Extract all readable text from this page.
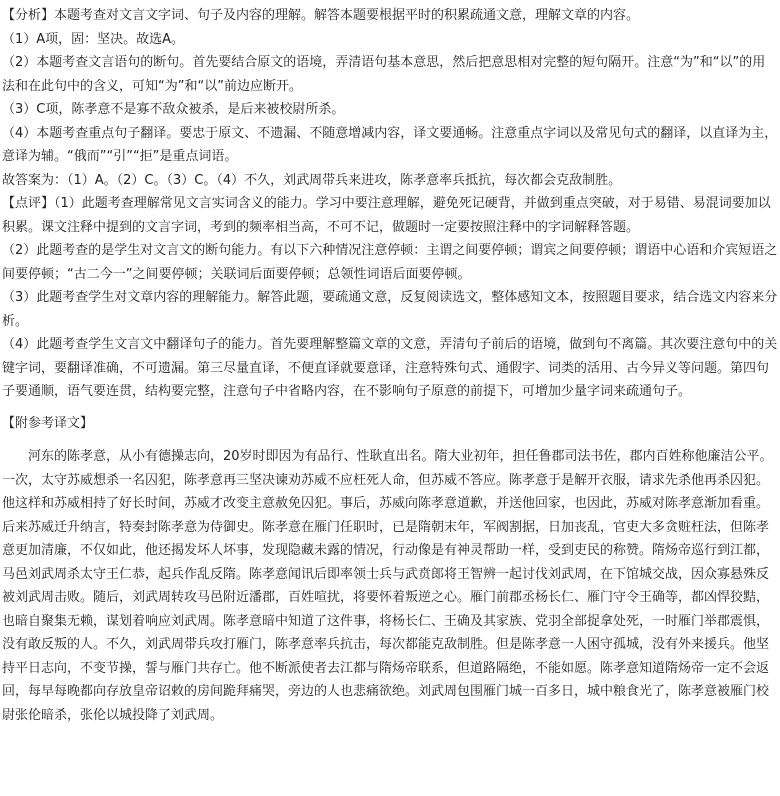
【分析】本题考查对文言文字词、句子及内容的理解。解答本题要根据平时的积累疏通文意，理解文章的内容。

（1）A项，固：坚决。故选A。

（2）本题考查文言语句的断句。首先要结合原文的语境，弄清语句基本意思，然后把意思相对完整的短句隔开。注意“为”和“以”的用法和在此句中的含义，可知“为”和“以”前边应断开。

（3）C项，陈孝意不是寡不敌众被杀，是后来被校尉所杀。

（4）本题考查重点句子翻译。要忠于原文、不遗漏、不随意增减内容，译文要通畅。注意重点字词以及常见句式的翻译，以直译为主，意译为辅。“俄而”“引”“拒”是重点词语。

故答案为：（1）A。（2）C。（3）C。（4）不久，刘武周带兵来进攻，陈孝意率兵抵抗，每次都会克敌制胜。

【点评】（1）此题考查理解常见文言实词含义的能力。学习中要注意理解，避免死记硬背，并做到重点突破，对于易错、易混词要加以积累。课文注释中提到的文言字词，考到的频率相当高，不可不记，做题时一定要按照注释中的字词解释答题。

（2）此题考查的是学生对文言文的断句能力。有以下六种情况注意停顿：主谓之间要停顿；谓宾之间要停顿；谓语中心语和介宾短语之间要停顿；“古二今一”之间要停顿；关联词后面要停顿；总领性词语后面要停顿。

（3）此题考查学生对文章内容的理解能力。解答此题，要疏通文意，反复阅读选文，整体感知文本，按照题目要求，结合选文内容来分析。

（4）此题考查学生文言文中翻译句子的能力。首先要理解整篇文章的文意，弄清句子前后的语境，做到句不离篇。其次要注意句中的关键字词，要翻译准确，不可遗漏。第三尽量直译，不便直译就要意译，注意特殊句式、通假字、词类的活用、古今异义等问题。第四句子要通顺，语气要连贯，结构要完整，注意句子中省略内容，在不影响句子原意的前提下，可增加少量字词来疏通句子。

【附参考译文】

河东的陈孝意，从小有德操志向，20岁时即因为有品行、性耿直出名。隋大业初年，担任鲁郡司法书佐，郡内百姓称他廉洁公平。一次，太守苏威想杀一名囚犯，陈孝意再三坚决谏劝苏威不应枉死人命，但苏威不答应。陈孝意于是解开衣服，请求先杀他再杀囚犯。他这样和苏威相持了好长时间，苏威才改变主意赦免囚犯。事后，苏威向陈孝意道歉，并送他回家，也因此，苏威对陈孝意渐加看重。后来苏威迁升纳言，特奏封陈孝意为侍御史。陈孝意在雁门任职时，已是隋朝末年，军阀割据，日加丧乱，官吏大多贪赃枉法，但陈孝意更加清廉，不仅如此，他还揭发坏人坏事，发现隐藏未露的情况，行动像是有神灵帮助一样，受到吏民的称赞。隋炀帝巡行到江都，马邑刘武周杀太守王仁恭，起兵作乱反隋。陈孝意闻讯后即率领士兵与武贲郎将王智辨一起讨伐刘武周，在下馆城交战，因众寡悬殊反被刘武周击败。随后，刘武周转攻马邑附近潘郡，百姓喧扰，将要怀着叛逆之心。雁门前郡丞杨长仁、雁门守令王确等，都凶悍狡黠，也暗自聚集无赖，谋划着响应刘武周。陈孝意暗中知道了这件事，将杨长仁、王确及其家族、党羽全部捉拿处死，一时雁门举郡震惧，没有敢反叛的人。不久，刘武周带兵攻打雁门，陈孝意率兵抗击，每次都能克敌制胜。但是陈孝意一人困守孤城，没有外来援兵。他坚持平日志向，不变节操，誓与雁门共存亡。他不断派使者去江都与隋炀帝联系，但道路隔绝，不能如愿。陈孝意知道隋炀帝一定不会返回，每早每晚都向存放皇帝诏敕的房间跪拜痛哭，旁边的人也悲痛欲绝。刘武周包围雁门城一百多日，城中粮食光了，陈孝意被雁门校尉张伦暗杀，张伦以城投降了刘武周。
